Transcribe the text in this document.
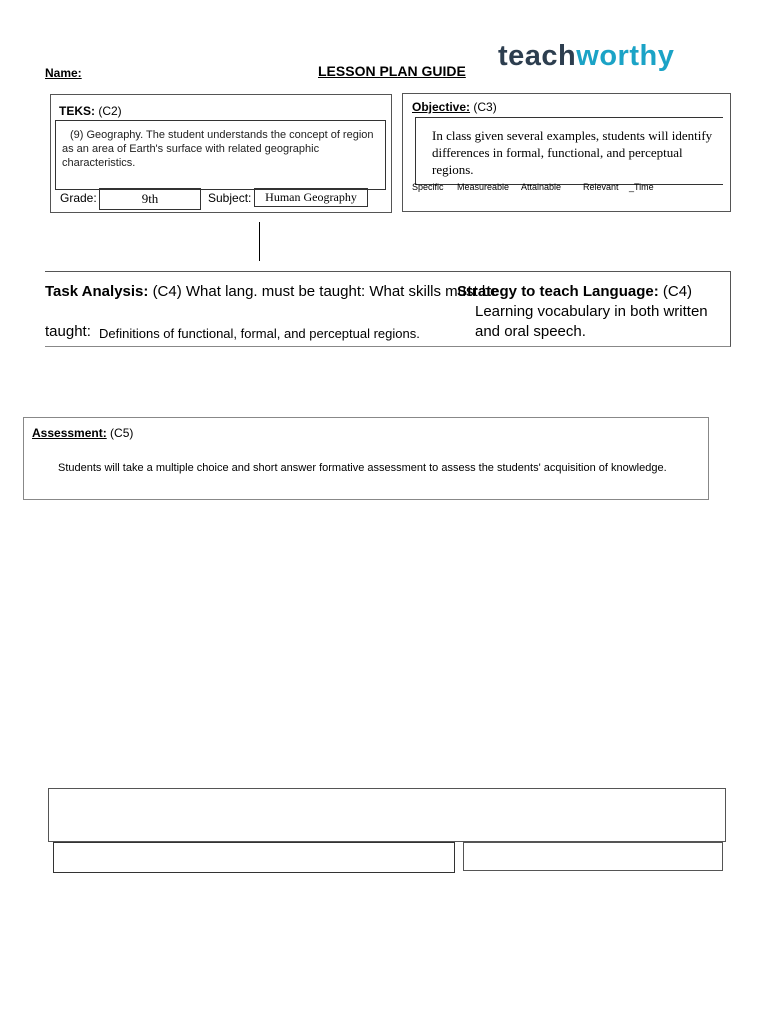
Name:	LESSON PLAN GUIDE teachworthy
TEKS: (C2)
(9) Geography. The student understands the concept of region as an area of Earth's surface with related geographic characteristics.
Grade:	9th	Subject:	Human Geography
Objective: (C3)
In class given several examples, students will identify differences in formal, functional, and perceptual regions.
Specific Measureable Attainable Relevant _Time
Task Analysis: (C4) What lang. must be taught: What skills must be
taught: Definitions of functional, formal, and perceptual regions.
Strategy to teach Language: (C4)
Learning vocabulary in both written and oral speech.
Assessment: (C5)
Students will take a multiple choice and short answer formative assessment to assess the students' acquisition of knowledge.
